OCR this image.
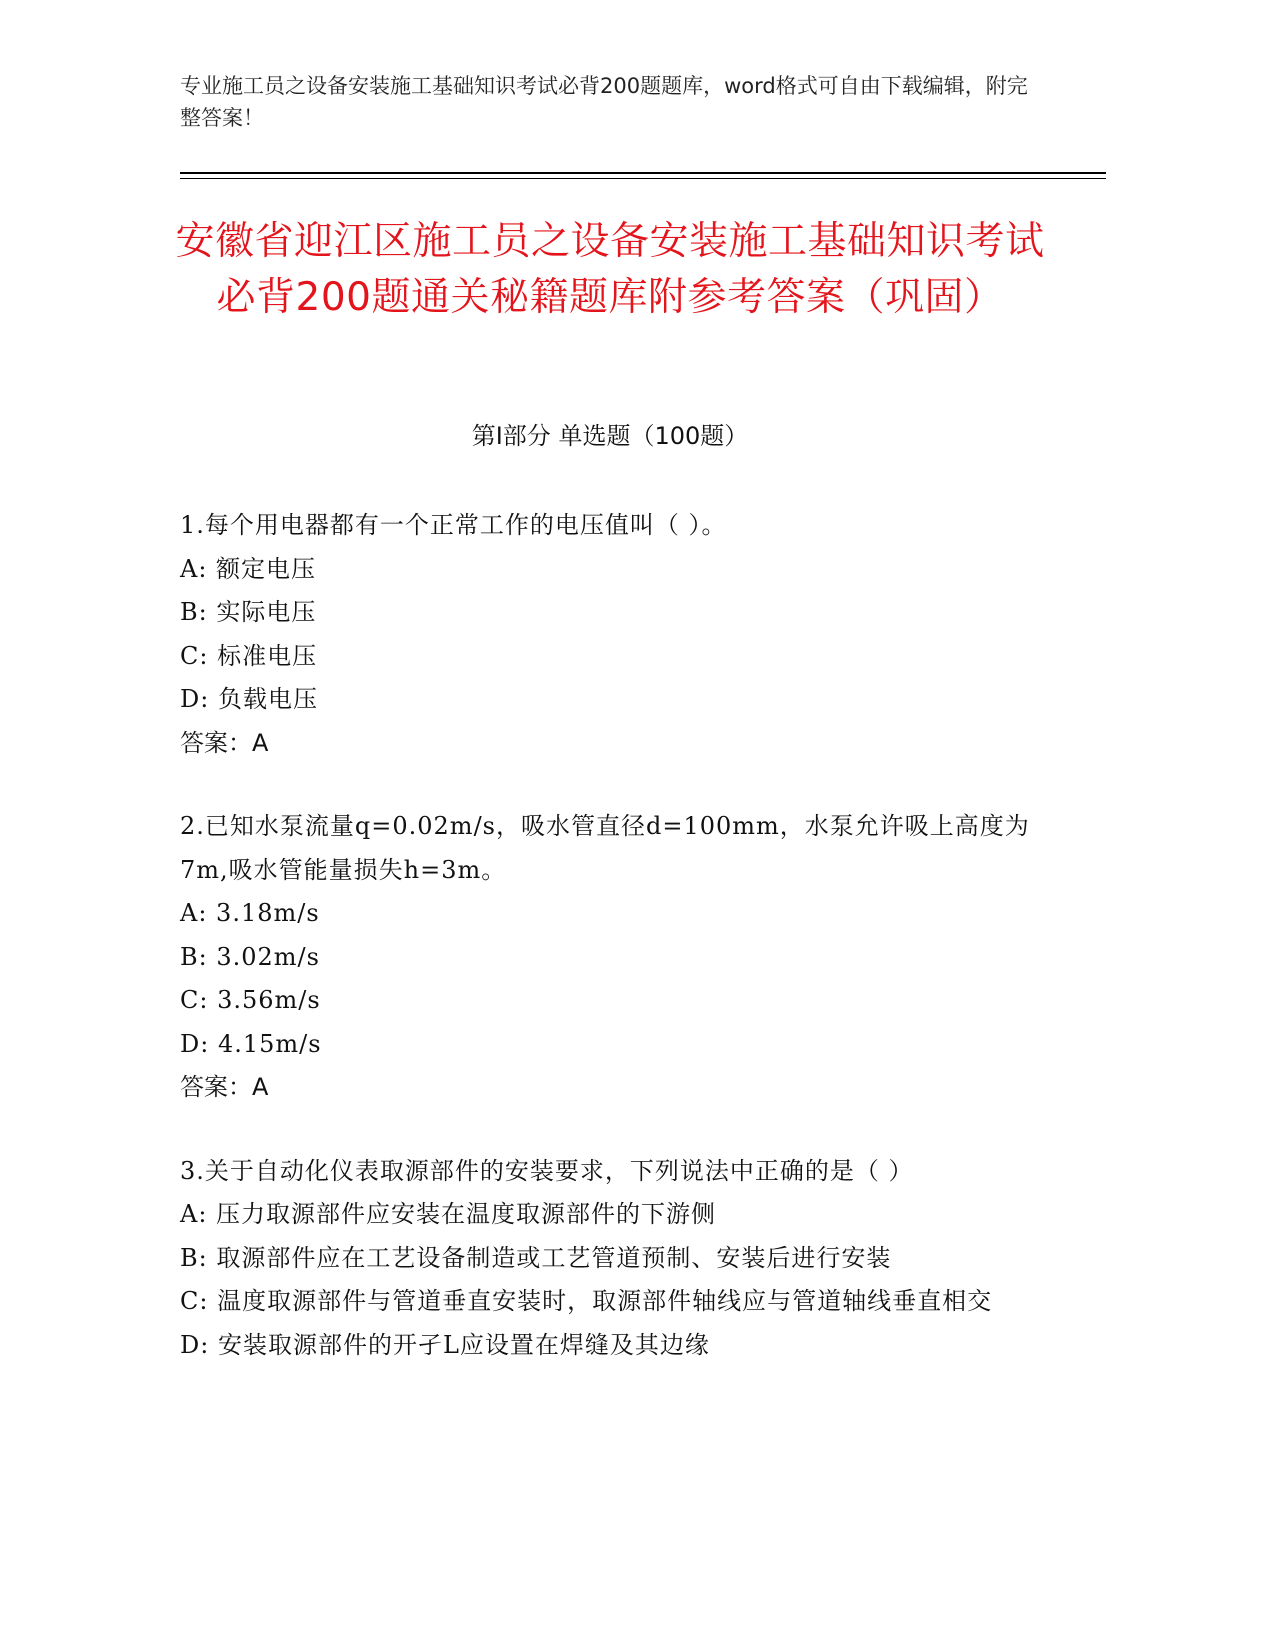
专业施工员之设备安装施工基础知识考试必背200题题库，word格式可自由下载编辑，附完整答案！
安徽省迎江区施工员之设备安装施工基础知识考试必背200题通关秘籍题库附参考答案（巩固）
第I部分 单选题（100题）
1.每个用电器都有一个正常工作的电压值叫（ ）。
A: 额定电压
B: 实际电压
C: 标准电压
D: 负载电压
答案：A
2.已知水泵流量q=0.02m/s，吸水管直径d=100mm，水泵允许吸上高度为7m,吸水管能量损失h=3m。
A: 3.18m/s
B: 3.02m/s
C: 3.56m/s
D: 4.15m/s
答案：A
3.关于自动化仪表取源部件的安装要求，下列说法中正确的是（ ）
A: 压力取源部件应安装在温度取源部件的下游侧
B: 取源部件应在工艺设备制造或工艺管道预制、安装后进行安装
C: 温度取源部件与管道垂直安装时，取源部件轴线应与管道轴线垂直相交
D: 安装取源部件的开孑L应设置在焊缝及其边缘
